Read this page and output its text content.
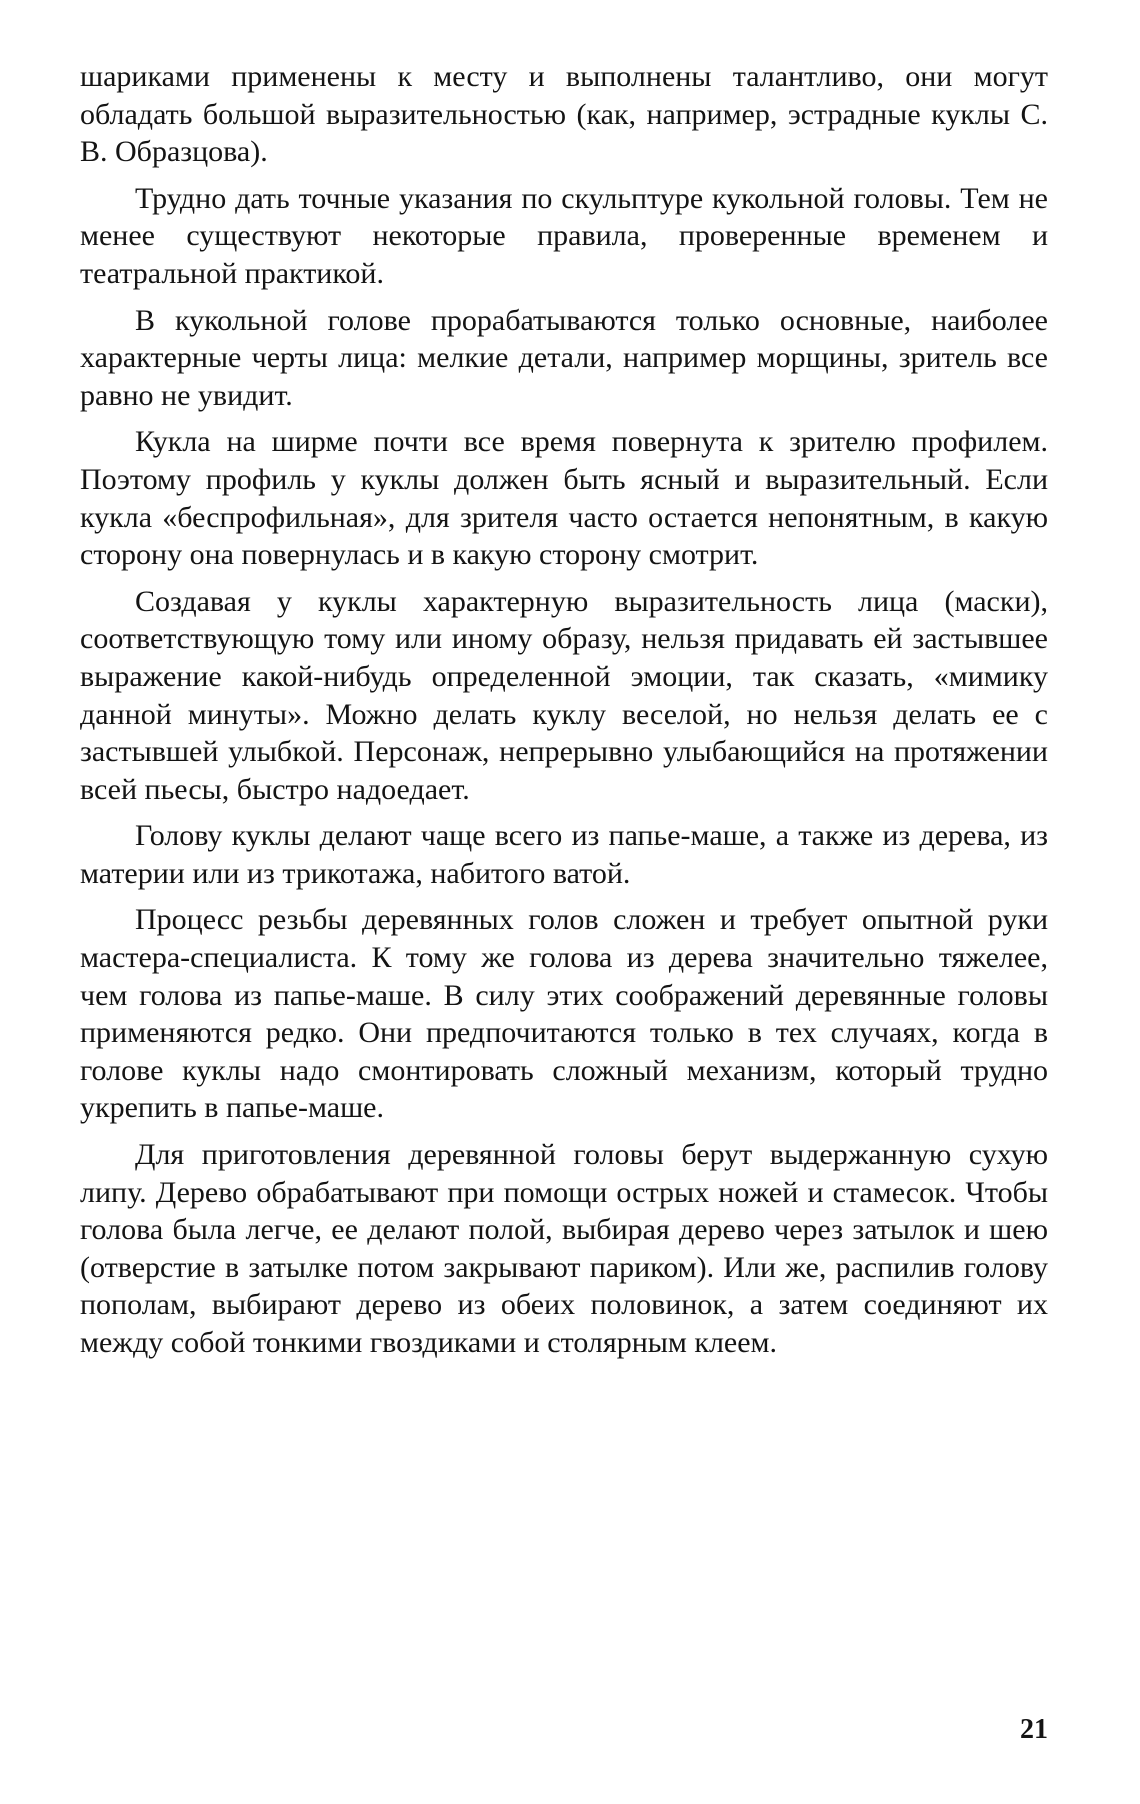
шариками применены к месту и выполнены талантливо, они могут обладать большой выразительностью (как, например, эстрадные куклы С. В. Образцова).

Трудно дать точные указания по скульптуре кукольной головы. Тем не менее существуют некоторые правила, проверенные временем и театральной практикой.

В кукольной голове прорабатываются только основные, наиболее характерные черты лица: мелкие детали, например морщины, зритель все равно не увидит.

Кукла на ширме почти все время повернута к зрителю профилем. Поэтому профиль у куклы должен быть ясный и выразительный. Если кукла «беспрофильная», для зрителя часто остается непонятным, в какую сторону она повернулась и в какую сторону смотрит.

Создавая у куклы характерную выразительность лица (маски), соответствующую тому или иному образу, нельзя придавать ей застывшее выражение какой-нибудь определенной эмоции, так сказать, «мимику данной минуты». Можно делать куклу веселой, но нельзя делать ее с застывшей улыбкой. Персонаж, непрерывно улыбающийся на протяжении всей пьесы, быстро надоедает.

Голову куклы делают чаще всего из папье-маше, а также из дерева, из материи или из трикотажа, набитого ватой.

Процесс резьбы деревянных голов сложен и требует опытной руки мастера-специалиста. К тому же голова из дерева значительно тяжелее, чем голова из папье-маше. В силу этих соображений деревянные головы применяются редко. Они предпочитаются только в тех случаях, когда в голове куклы надо смонтировать сложный механизм, который трудно укрепить в папье-маше.

Для приготовления деревянной головы берут выдержанную сухую липу. Дерево обрабатывают при помощи острых ножей и стамесок. Чтобы голова была легче, ее делают полой, выбирая дерево через затылок и шею (отверстие в затылке потом закрывают париком). Или же, распилив голову пополам, выбирают дерево из обеих половинок, а затем соединяют их между собой тонкими гвоздиками и столярным клеем.

21
